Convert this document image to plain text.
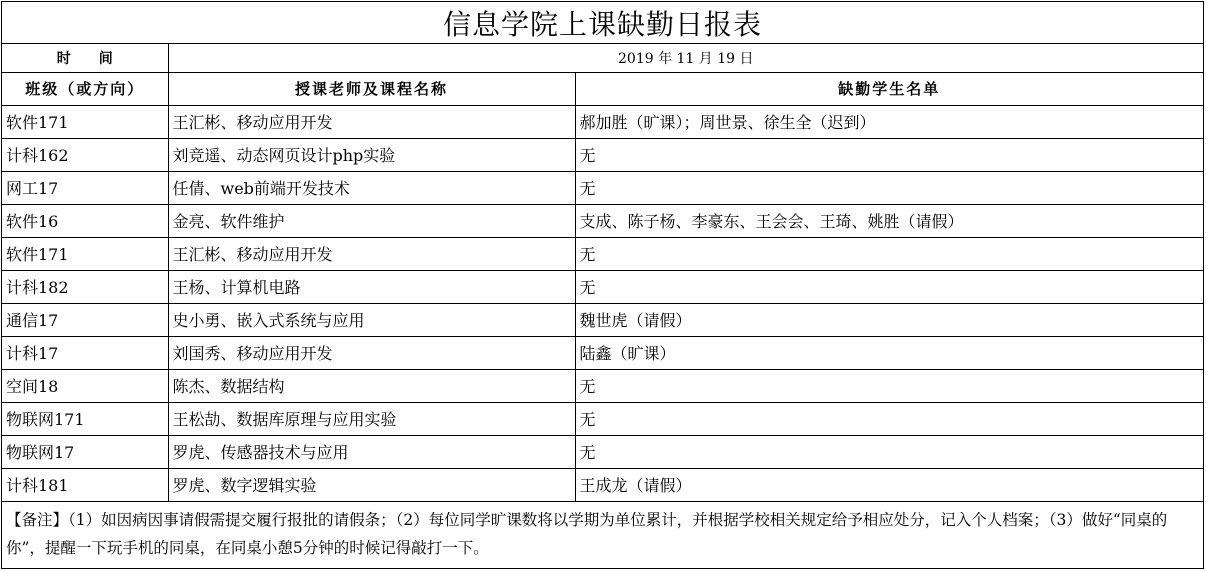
信息学院上课缺勤日报表
时　　间	2019 年 11 月 19 日	
班级（或方向）	授课老师及课程名称	缺勤学生名单
软件171	王汇彬、移动应用开发	郝加胜（旷课）；周世景、徐生全（迟到）
计科162	刘竞遥、动态网页设计php实验	无
网工17	任倩、web前端开发技术	无
软件16	金亮、软件维护	支成、陈子杨、李豪东、王会会、王琦、姚胜（请假）
软件171	王汇彬、移动应用开发	无
计科182	王杨、计算机电路	无
通信17	史小勇、嵌入式系统与应用	魏世虎（请假）
计科17	刘国秀、移动应用开发	陆鑫（旷课）
空间18	陈杰、数据结构	无
物联网171	王松劼、数据库原理与应用实验	无
物联网17	罗虎、传感器技术与应用	无
计科181	罗虎、数字逻辑实验	王成龙（请假）
【备注】（1）如因病因事请假需提交履行报批的请假条；（2）每位同学旷课数将以学期为单位累计，并根据学校相关规定给予相应处分，记入个人档案；（3）做好“同桌的你”，提醒一下玩手机的同桌，在同桌小憩5分钟的时候记得敲打一下。
